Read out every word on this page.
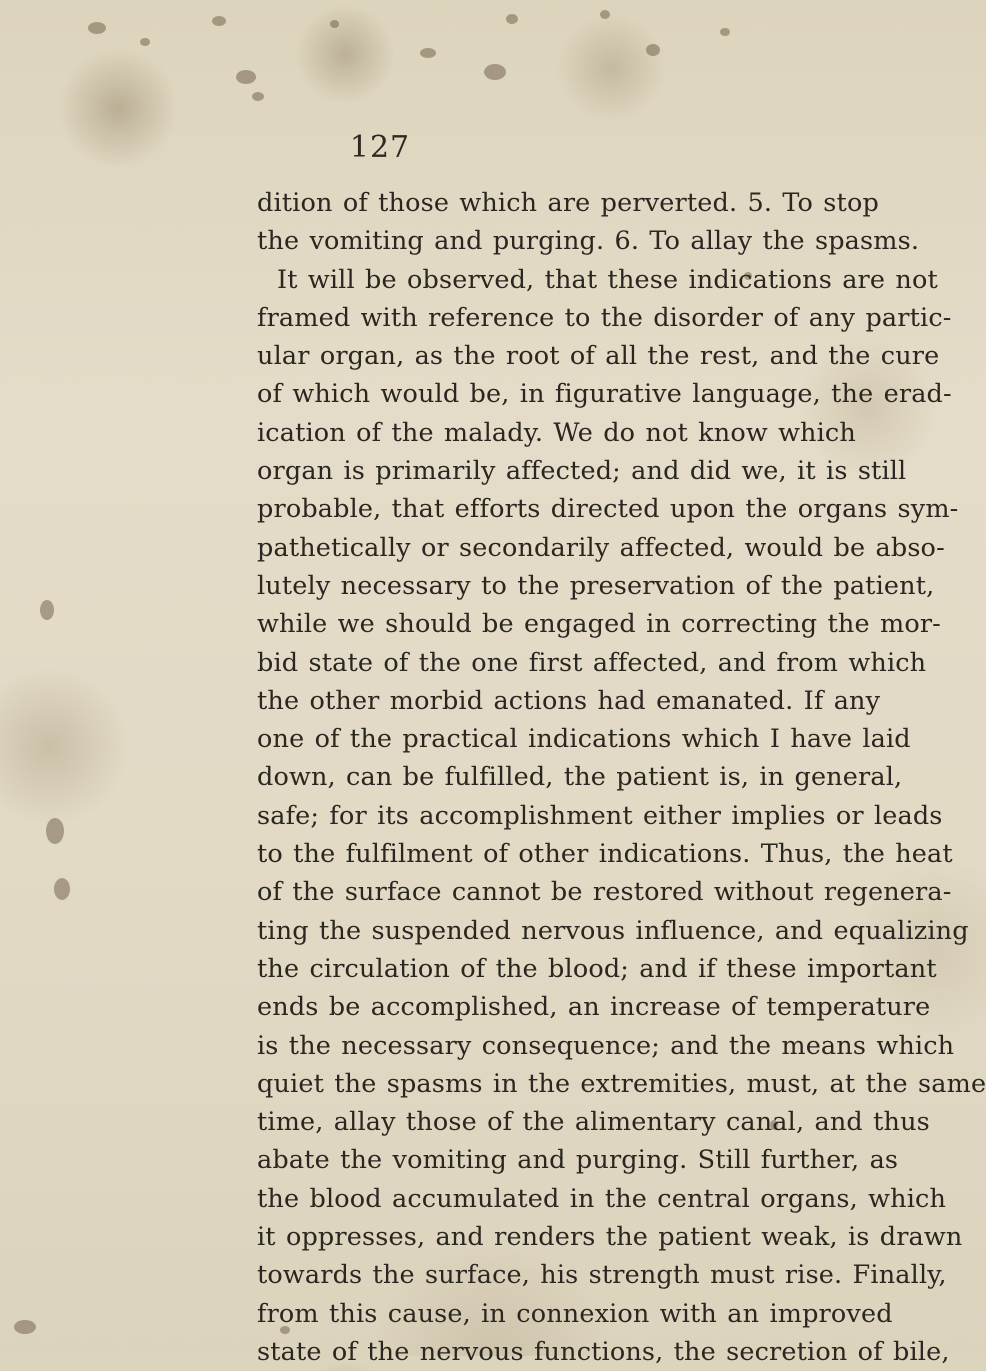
127
dition of those which are perverted. 5. To stop
the vomiting and purging. 6. To allay the spasms.
It will be observed, that these indications are not
framed with reference to the disorder of any partic-
ular organ, as the root of all the rest, and the cure
of which would be, in figurative language, the erad-
ication of the malady. We do not know which
organ is primarily affected; and did we, it is still
probable, that efforts directed upon the organs sym-
pathetically or secondarily affected, would be abso-
lutely necessary to the preservation of the patient,
while we should be engaged in correcting the mor-
bid state of the one first affected, and from which
the other morbid actions had emanated. If any
one of the practical indications which I have laid
down, can be fulfilled, the patient is, in general,
safe; for its accomplishment either implies or leads
to the fulfilment of other indications. Thus, the heat
of the surface cannot be restored without regenera-
ting the suspended nervous influence, and equalizing
the circulation of the blood; and if these important
ends be accomplished, an increase of temperature
is the necessary consequence; and the means which
quiet the spasms in the extremities, must, at the same
time, allay those of the alimentary canal, and thus
abate the vomiting and purging. Still further, as
the blood accumulated in the central organs, which
it oppresses, and renders the patient weak, is drawn
towards the surface, his strength must rise. Finally,
from this cause, in connexion with an improved
state of the nervous functions, the secretion of bile,
